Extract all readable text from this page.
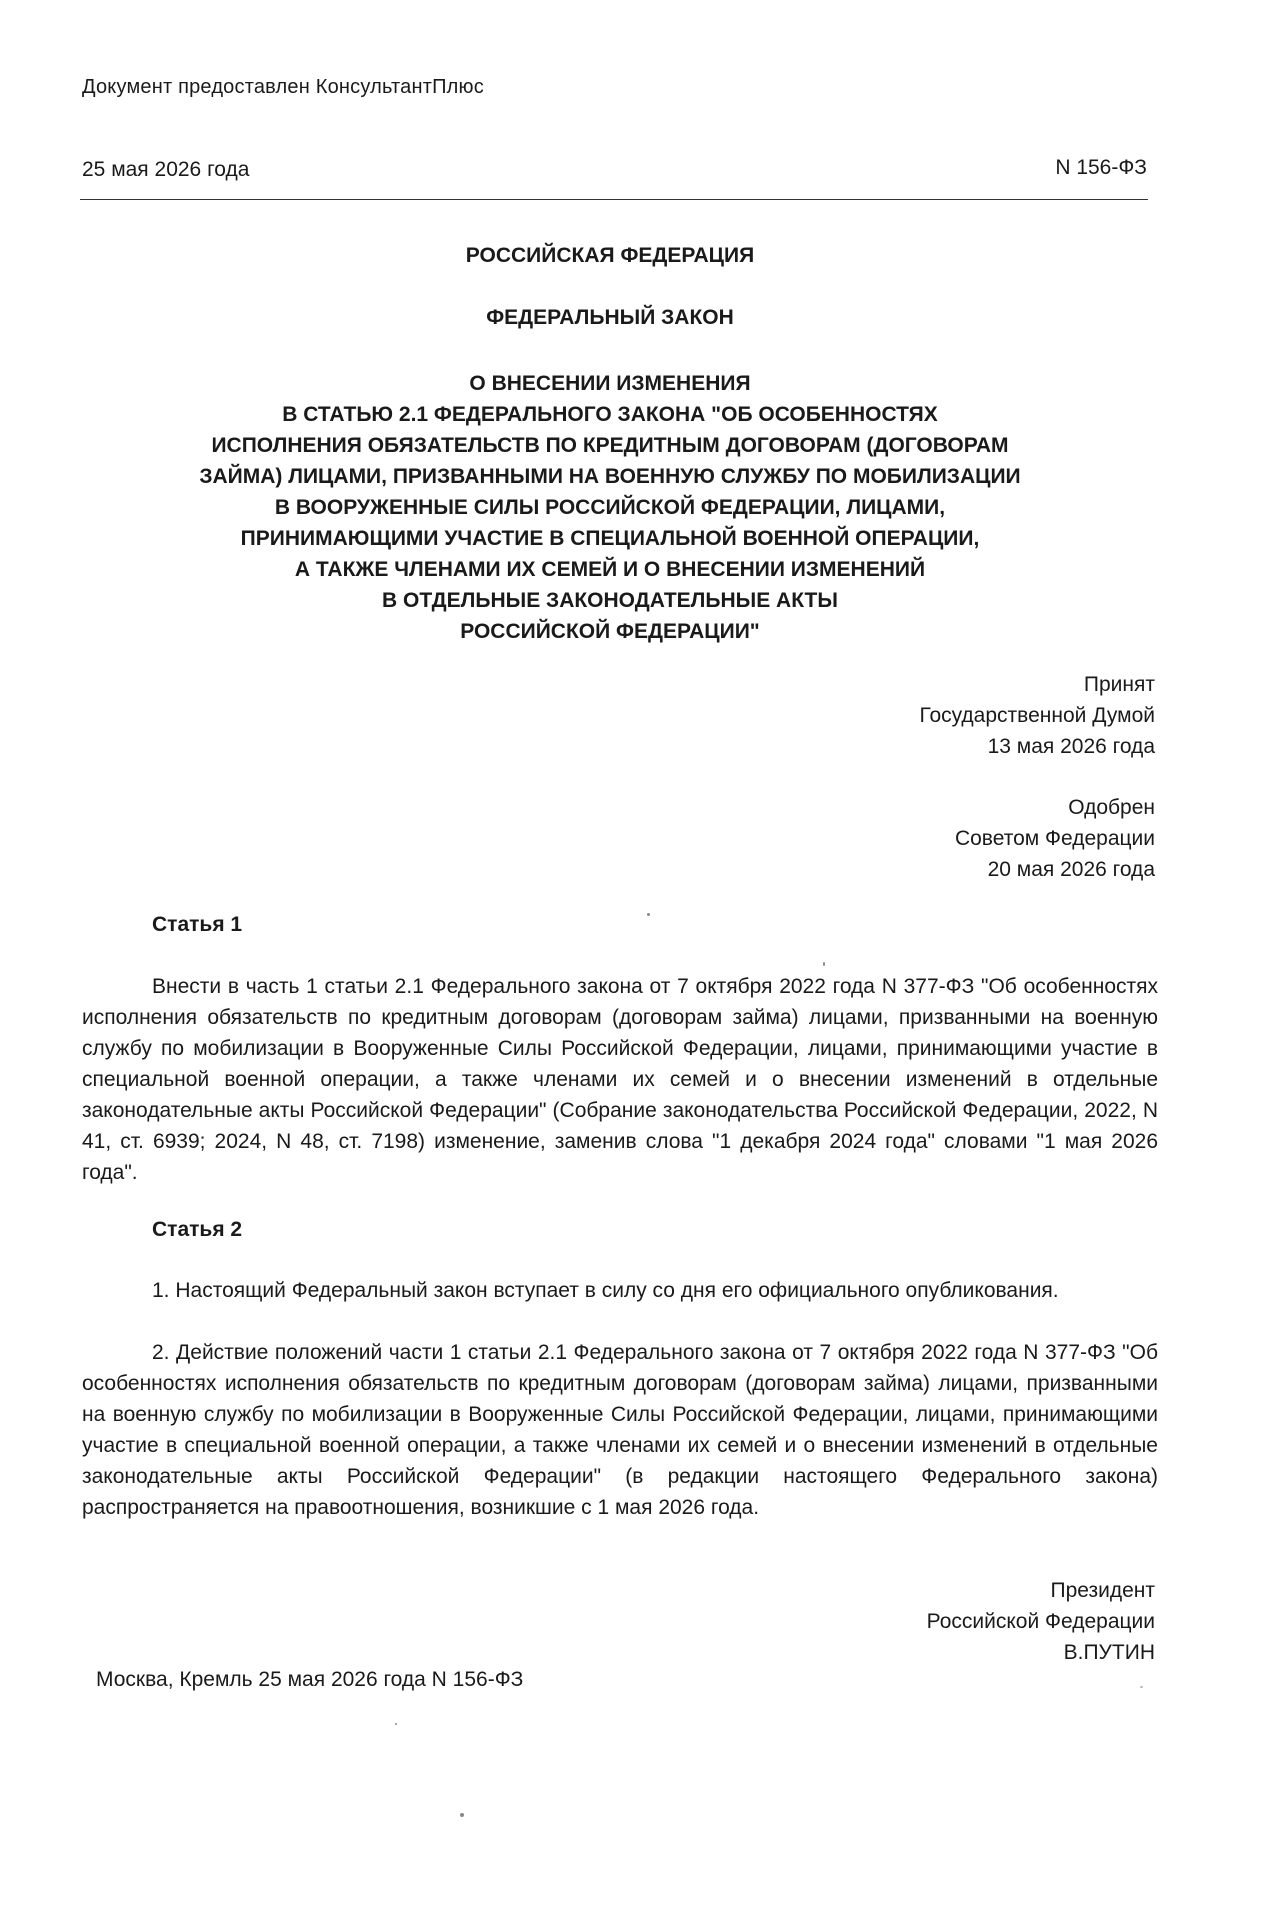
Документ предоставлен КонсультантПлюс
25 мая 2026 года	N 156-ФЗ
РОССИЙСКАЯ ФЕДЕРАЦИЯ
ФЕДЕРАЛЬНЫЙ ЗАКОН
О ВНЕСЕНИИ ИЗМЕНЕНИЯ
В СТАТЬЮ 2.1 ФЕДЕРАЛЬНОГО ЗАКОНА "ОБ ОСОБЕННОСТЯХ
ИСПОЛНЕНИЯ ОБЯЗАТЕЛЬСТВ ПО КРЕДИТНЫМ ДОГОВОРАМ (ДОГОВОРАМ
ЗАЙМА) ЛИЦАМИ, ПРИЗВАННЫМИ НА ВОЕННУЮ СЛУЖБУ ПО МОБИЛИЗАЦИИ
В ВООРУЖЕННЫЕ СИЛЫ РОССИЙСКОЙ ФЕДЕРАЦИИ, ЛИЦАМИ,
ПРИНИМАЮЩИМИ УЧАСТИЕ В СПЕЦИАЛЬНОЙ ВОЕННОЙ ОПЕРАЦИИ,
А ТАКЖЕ ЧЛЕНАМИ ИХ СЕМЕЙ И О ВНЕСЕНИИ ИЗМЕНЕНИЙ
В ОТДЕЛЬНЫЕ ЗАКОНОДАТЕЛЬНЫЕ АКТЫ
РОССИЙСКОЙ ФЕДЕРАЦИИ"
Принят
Государственной Думой
13 мая 2026 года
Одобрен
Советом Федерации
20 мая 2026 года
Статья 1
Внести в часть 1 статьи 2.1 Федерального закона от 7 октября 2022 года N 377-ФЗ "Об особенностях исполнения обязательств по кредитным договорам (договорам займа) лицами, призванными на военную службу по мобилизации в Вооруженные Силы Российской Федерации, лицами, принимающими участие в специальной военной операции, а также членами их семей и о внесении изменений в отдельные законодательные акты Российской Федерации" (Собрание законодательства Российской Федерации, 2022, N 41, ст. 6939; 2024, N 48, ст. 7198) изменение, заменив слова "1 декабря 2024 года" словами "1 мая 2026 года".
Статья 2
1. Настоящий Федеральный закон вступает в силу со дня его официального опубликования.
2. Действие положений части 1 статьи 2.1 Федерального закона от 7 октября 2022 года N 377-ФЗ "Об особенностях исполнения обязательств по кредитным договорам (договорам займа) лицами, призванными на военную службу по мобилизации в Вооруженные Силы Российской Федерации, лицами, принимающими участие в специальной военной операции, а также членами их семей и о внесении изменений в отдельные законодательные акты Российской Федерации" (в редакции настоящего Федерального закона) распространяется на правоотношения, возникшие с 1 мая 2026 года.
Президент
Российской Федерации
В.ПУТИН
Москва, Кремль 25 мая 2026 года N 156-ФЗ
